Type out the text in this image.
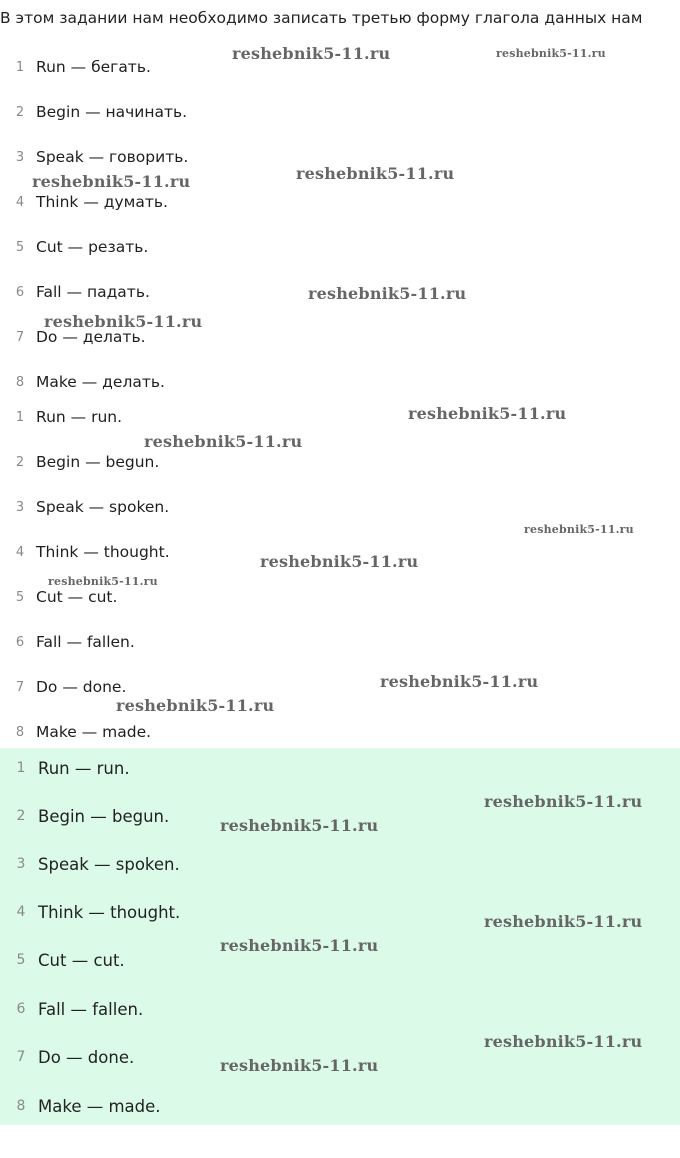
В этом задании нам необходимо записать третью форму глагола данных нам
1 Run — бегать.
2 Begin — начинать.
3 Speak — говорить.
4 Think — думать.
5 Cut — резать.
6 Fall — падать.
7 Do — делать.
8 Make — делать.
1 Run — run.
2 Begin — begun.
3 Speak — spoken.
4 Think — thought.
5 Cut — cut.
6 Fall — fallen.
7 Do — done.
8 Make — made.
1 Run — run.
2 Begin — begun.
3 Speak — spoken.
4 Think — thought.
5 Cut — cut.
6 Fall — fallen.
7 Do — done.
8 Make — made.
reshebnik5-11.ru	reshebnik5-11.ru
reshebnik5-11.ru	reshebnik5-11.ru
reshebnik5-11.ru
reshebnik5-11.ru
reshebnik5-11.ru
reshebnik5-11.ru
reshebnik5-11.ru
reshebnik5-11.ru
reshebnik5-11.ru
reshebnik5-11.ru
reshebnik5-11.ru
reshebnik5-11.ru
reshebnik5-11.ru
reshebnik5-11.ru
reshebnik5-11.ru
reshebnik5-11.ru
reshebnik5-11.ru
